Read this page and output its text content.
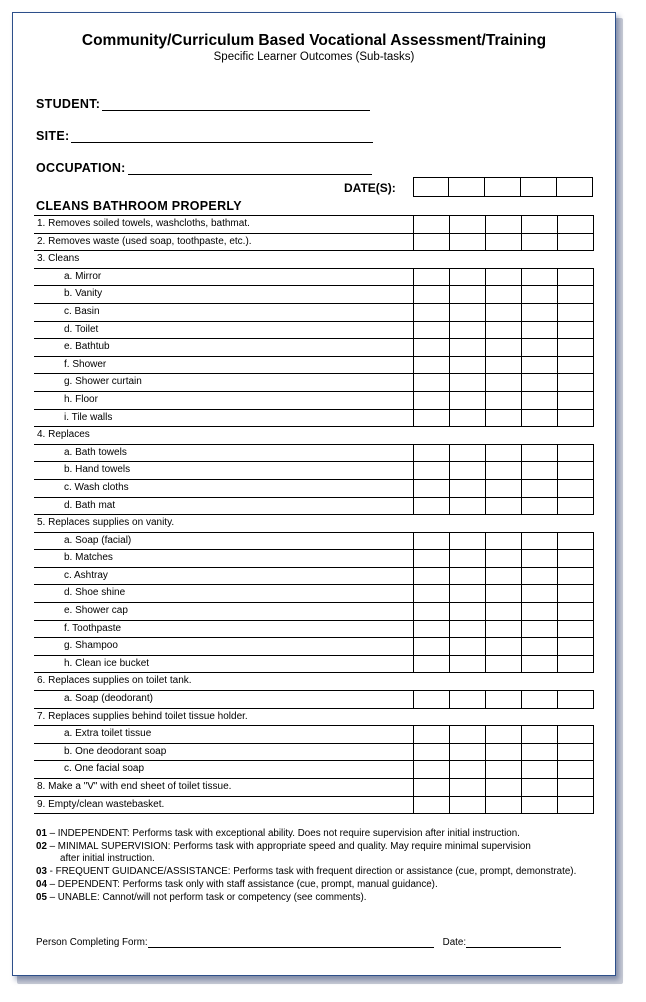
Community/Curriculum Based Vocational Assessment/Training
Specific Learner Outcomes (Sub-tasks)
STUDENT:
SITE:
OCCUPATION:
DATE(S):
CLEANS BATHROOM PROPERLY
1. Removes soiled towels, washcloths, bathmat.
2. Removes waste (used soap, toothpaste, etc.).
3. Cleans
a. Mirror
b. Vanity
c. Basin
d. Toilet
e. Bathtub
f. Shower
g. Shower curtain
h. Floor
i. Tile walls
4. Replaces
a. Bath towels
b. Hand towels
c. Wash cloths
d. Bath mat
5. Replaces supplies on vanity.
a. Soap (facial)
b. Matches
c. Ashtray
d. Shoe shine
e. Shower cap
f. Toothpaste
g. Shampoo
h. Clean ice bucket
6. Replaces supplies on toilet tank.
a. Soap (deodorant)
7. Replaces supplies behind toilet tissue holder.
a. Extra toilet tissue
b. One deodorant soap
c. One facial soap
8. Make a "V" with end sheet of toilet tissue.
9. Empty/clean wastebasket.
01 – INDEPENDENT: Performs task with exceptional ability. Does not require supervision after initial instruction.
02 – MINIMAL SUPERVISION: Performs task with appropriate speed and quality. May require minimal supervision
after initial instruction.
03 - FREQUENT GUIDANCE/ASSISTANCE: Performs task with frequent direction or assistance (cue, prompt, demonstrate).
04 – DEPENDENT: Performs task only with staff assistance (cue, prompt, manual guidance).
05 – UNABLE: Cannot/will not perform task or competency (see comments).
Person Completing Form:	Date:
